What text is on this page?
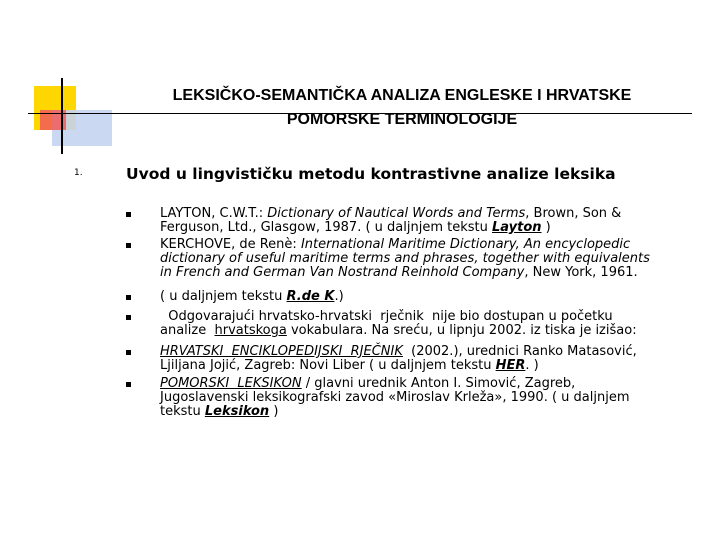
LEKSIČKO-SEMANTIČKA ANALIZA ENGLESKE I HRVATSKE
POMORSKE TERMINOLOGIJE
1.	Uvod u lingvističku metodu kontrastivne analize leksika
LAYTON, C.W.T.: Dictionary of Nautical Words and Terms, Brown, Son &
Ferguson, Ltd., Glasgow, 1987. ( u daljnjem tekstu Layton )
KERCHOVE, de Renè: International Maritime Dictionary, An encyclopedic
dictionary of useful maritime terms and phrases, together with equivalents
in French and German Van Nostrand Reinhold Company, New York, 1961.
( u daljnjem tekstu R.de K.)
Odgovarajući hrvatsko-hrvatski  rječnik  nije bio dostupan u početku
analize  hrvatskoga vokabulara. Na sreću, u lipnju 2002. iz tiska je izišao:
HRVATSKI  ENCIKLOPEDIJSKI  RJEČNIK  (2002.), urednici Ranko Matasović,
Ljiljana Jojić, Zagreb: Novi Liber ( u daljnjem tekstu HER. )
POMORSKI  LEKSIKON / glavni urednik Anton I. Simović, Zagreb,
Jugoslavenski leksikografski zavod «Miroslav Krleža», 1990. ( u daljnjem
tekstu Leksikon )
